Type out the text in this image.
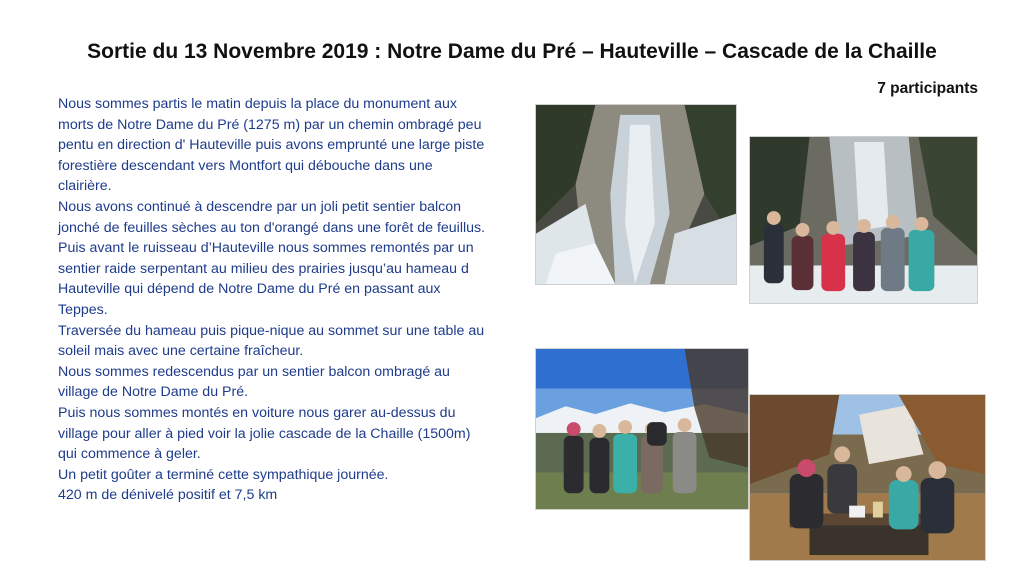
Sortie du 13 Novembre 2019 : Notre Dame du Pré – Hauteville – Cascade de la Chaille
7 participants

Nous sommes partis le matin depuis la place du monument aux morts de Notre Dame du Pré (1275 m) par un chemin ombragé peu pentu en direction d' Hauteville puis avons emprunté une large piste forestière descendant vers Montfort qui débouche dans une clairière.

Nous avons continué à descendre par un joli petit sentier balcon jonché de feuilles sèches au ton d'orangé dans une forêt de feuillus.

Puis avant le ruisseau d’Hauteville nous sommes remontés par un sentier raide serpentant au milieu des prairies jusqu’au hameau d Hauteville qui dépend de Notre Dame du Pré en passant aux Teppes.

Traversée du hameau puis pique-nique au sommet sur une table au soleil mais avec une certaine fraîcheur.

Nous sommes redescendus par un sentier balcon ombragé au village de Notre Dame du Pré.

Puis nous sommes montés en voiture nous garer au-dessus du village pour aller à pied voir la jolie cascade de la Chaille (1500m) qui commence à geler.

Un petit goûter a terminé cette sympathique journée.

420 m de dénivelé positif et 7,5 km
